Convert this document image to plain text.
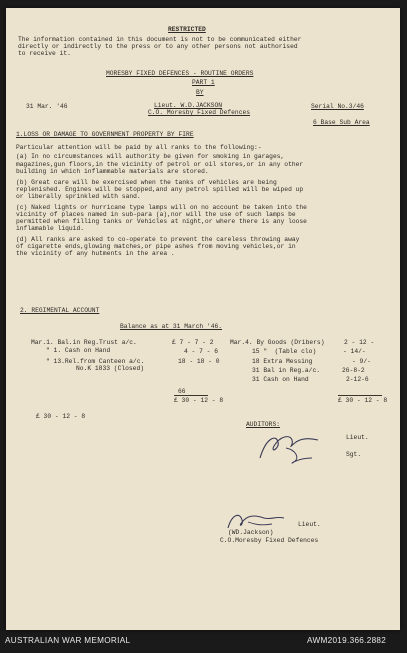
RESTRICTED
The information contained in this document is not to be communicated either
directly or indirectly to the press or to any other persons not authorised
to receive it.
MORESBY FIXED DEFENCES - ROUTINE ORDERS
PART 1
BY
31 Mar. '46	Lieut. W.D.JACKSON
C.O. Moresby Fixed Defences
Serial No.3/46
6 Base Sub Area
1.LOSS OR DAMAGE TO GOVERNMENT PROPERTY BY FIRE
Particular attention will be paid by all ranks to the following:-
(a) In no circumstances will authority be given for smoking in garages,
magazines,gun floors,in the vicinity of petrol or oil stores,or in any other
building in which inflammable materials are stored.
(b) Great care will be exercised when the tanks of vehicles are being
replenished. Engines will be stopped,and any petrol spilled will be wiped up
or liberally sprinkled with sand.
(c) Naked lights or hurricane type lamps will on no account be taken into the
vicinity of places named in sub-para (a),nor will the use of such lamps be
permitted when filling tanks or Vehicles at night,or where there is any loose
inflamable liquid.
(d) All ranks are asked to co-operate to prevent the careless throwing away
of cigarette ends,glowing matches,or pipe ashes from moving vehicles,or in
the vicinity of any hutments in the area .
2. REGIMENTAL ACCOUNT
Balance as at 31 March '46.
Mar.1. Bal.in Reg.Trust a/c.	£ 7 - 7 - 2
" 1. Cash on Hand	4 - 7 - 6
" 13.Rel.from Canteen a/c.	18 - 18 - 0
No.K 1833 (Closed)
Mar.4. By Goods (Dribers)	2 - 12 -
15 "  (Table clo)	- 14/-
18 Extra Messing	- 9/-
31 Bal in Reg.a/c.	26-8-2
31 Cash on Hand	2-12-6
66
£ 30 - 12 - 8	£ 30 - 12 - 8
£ 30 - 12 - 8
AUDITORS:
Lieut.
Sgt.
Lieut.
(WD.Jackson)
C.O.Moresby Fixed Defences
AUSTRALIAN WAR MEMORIAL	AWM2019.366.2882
